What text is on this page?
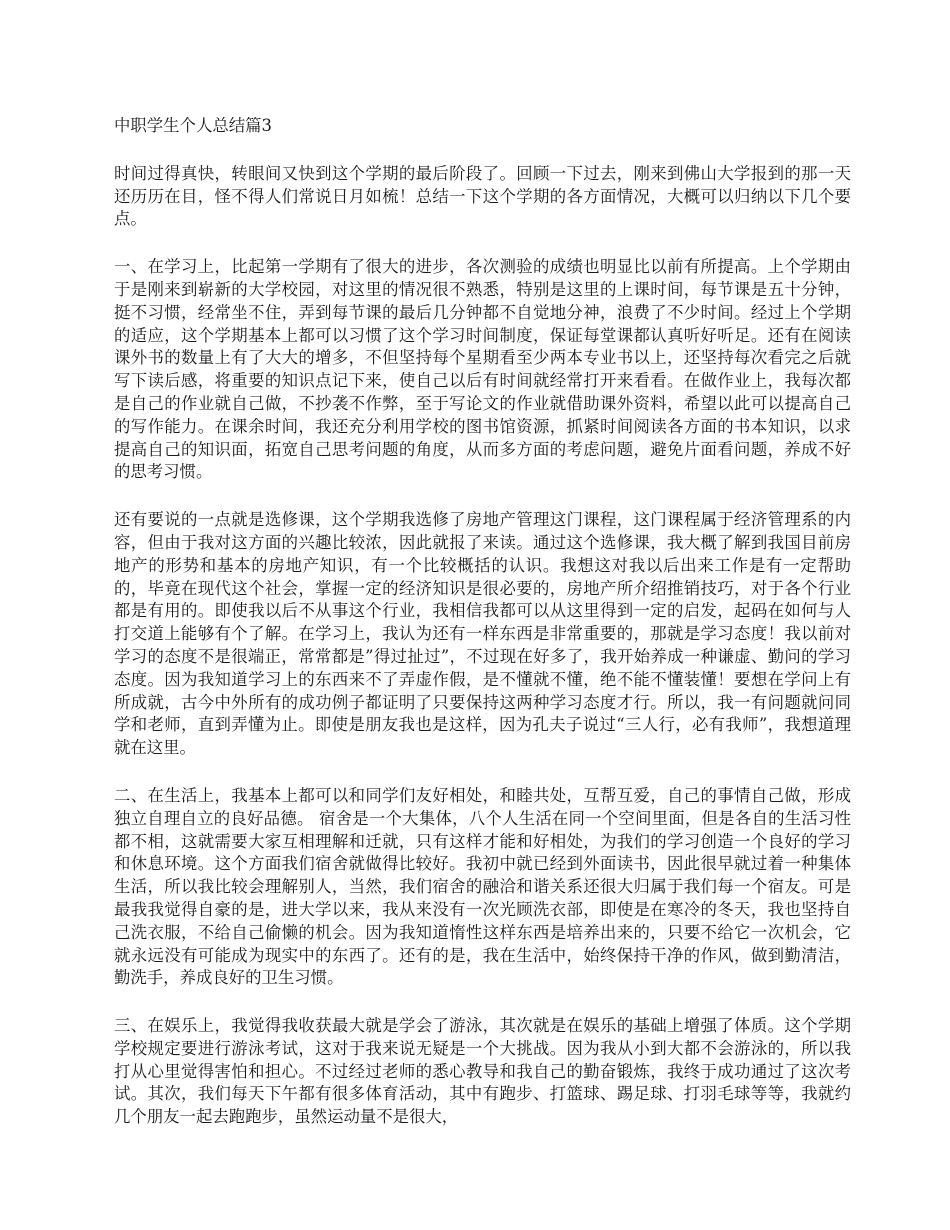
中职学生个人总结篇3

时间过得真快，转眼间又快到这个学期的最后阶段了。回顾一下过去，刚来到佛山大学报到的那一天还历历在目，怪不得人们常说日月如梳！总结一下这个学期的各方面情况，大概可以归纳以下几个要点。

一、在学习上，比起第一学期有了很大的进步，各次测验的成绩也明显比以前有所提高。上个学期由于是刚来到崭新的大学校园，对这里的情况很不熟悉，特别是这里的上课时间，每节课是五十分钟，挺不习惯，经常坐不住，弄到每节课的最后几分钟都不自觉地分神，浪费了不少时间。经过上个学期的适应，这个学期基本上都可以习惯了这个学习时间制度，保证每堂课都认真听好听足。还有在阅读课外书的数量上有了大大的增多，不但坚持每个星期看至少两本专业书以上，还坚持每次看完之后就写下读后感，将重要的知识点记下来，使自己以后有时间就经常打开来看看。在做作业上，我每次都是自己的作业就自己做，不抄袭不作弊，至于写论文的作业就借助课外资料，希望以此可以提高自己的写作能力。在课余时间，我还充分利用学校的图书馆资源，抓紧时间阅读各方面的书本知识，以求提高自己的知识面，拓宽自己思考问题的角度，从而多方面的考虑问题，避免片面看问题，养成不好的思考习惯。

还有要说的一点就是选修课，这个学期我选修了房地产管理这门课程，这门课程属于经济管理系的内容，但由于我对这方面的兴趣比较浓，因此就报了来读。通过这个选修课，我大概了解到我国目前房地产的形势和基本的房地产知识，有一个比较概括的认识。我想这对我以后出来工作是有一定帮助的，毕竟在现代这个社会，掌握一定的经济知识是很必要的，房地产所介绍推销技巧，对于各个行业都是有用的。即使我以后不从事这个行业，我相信我都可以从这里得到一定的启发，起码在如何与人打交道上能够有个了解。在学习上，我认为还有一样东西是非常重要的，那就是学习态度！我以前对学习的态度不是很端正，常常都是”得过扯过”，不过现在好多了，我开始养成一种谦虚、勤问的学习态度。因为我知道学习上的东西来不了弄虚作假，是不懂就不懂，绝不能不懂装懂！要想在学问上有所成就，古今中外所有的成功例子都证明了只要保持这两种学习态度才行。所以，我一有问题就问同学和老师，直到弄懂为止。即使是朋友我也是这样，因为孔夫子说过“三人行，必有我师”，我想道理就在这里。

二、在生活上，我基本上都可以和同学们友好相处，和睦共处，互帮互爱，自己的事情自己做，形成独立自理自立的良好品德。 宿舍是一个大集体，八个人生活在同一个空间里面，但是各自的生活习性都不相，这就需要大家互相理解和迁就，只有这样才能和好相处，为我们的学习创造一个良好的学习和休息环境。这个方面我们宿舍就做得比较好。我初中就已经到外面读书，因此很早就过着一种集体生活，所以我比较会理解别人，当然，我们宿舍的融洽和谐关系还很大归属于我们每一个宿友。可是最我我觉得自豪的是，进大学以来，我从来没有一次光顾洗衣部，即使是在寒冷的冬天，我也坚持自己洗衣服，不给自己偷懒的机会。因为我知道惰性这样东西是培养出来的，只要不给它一次机会，它就永远没有可能成为现实中的东西了。还有的是，我在生活中，始终保持干净的作风，做到勤清洁，勤洗手，养成良好的卫生习惯。

三、在娱乐上，我觉得我收获最大就是学会了游泳，其次就是在娱乐的基础上增强了体质。这个学期学校规定要进行游泳考试，这对于我来说无疑是一个大挑战。因为我从小到大都不会游泳的，所以我打从心里觉得害怕和担心。不过经过老师的悉心教导和我自己的勤奋锻炼，我终于成功通过了这次考试。其次，我们每天下午都有很多体育活动，其中有跑步、打篮球、踢足球、打羽毛球等等，我就约几个朋友一起去跑跑步，虽然运动量不是很大，
